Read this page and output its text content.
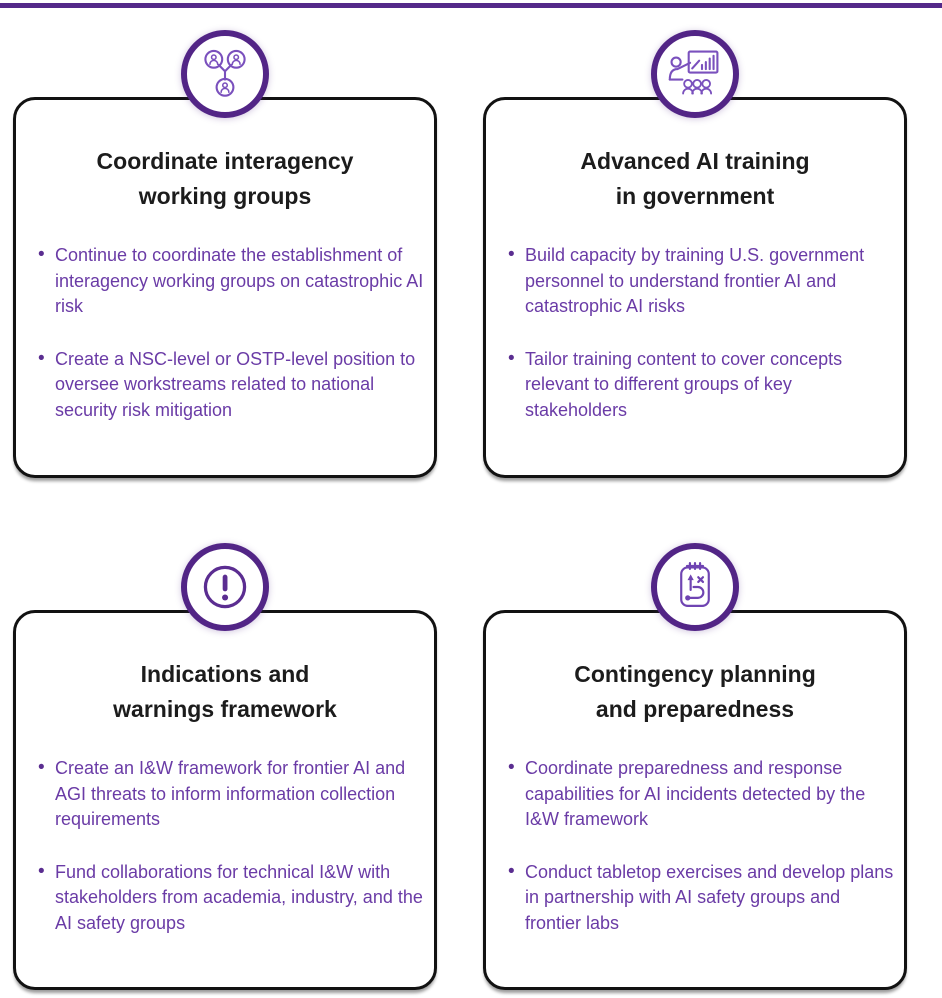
Coordinate interagency
working groups
• Continue to coordinate the establishment of interagency working groups on catastrophic AI risk
• Create a NSC-level or OSTP-level position to oversee workstreams related to national security risk mitigation
Advanced AI training
in government
• Build capacity by training U.S. government personnel to understand frontier AI and catastrophic AI risks
• Tailor training content to cover concepts relevant to different groups of key stakeholders
Indications and
warnings framework
• Create an I&W framework for frontier AI and AGI threats to inform information collection requirements
• Fund collaborations for technical I&W with stakeholders from academia, industry, and the AI safety groups
Contingency planning
and preparedness
• Coordinate preparedness and response capabilities for AI incidents detected by the I&W framework
• Conduct tabletop exercises and develop plans in partnership with AI safety groups and frontier labs
